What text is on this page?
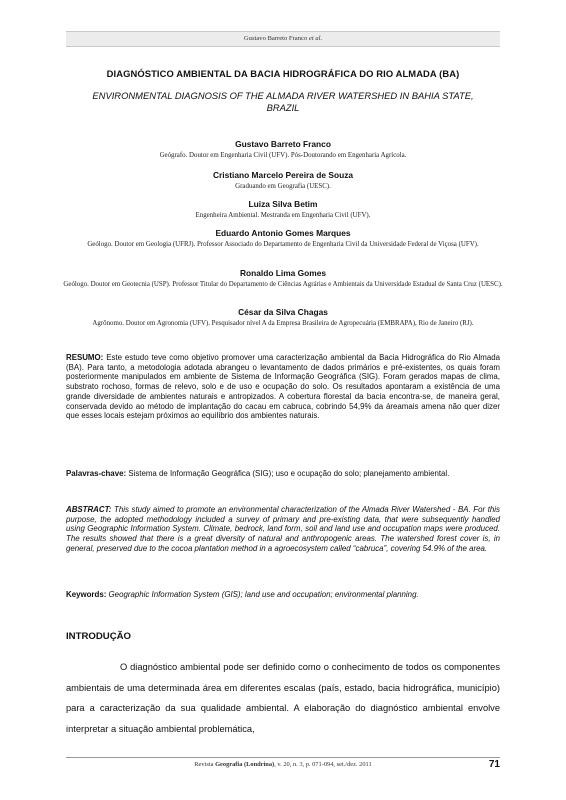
Gustavo Barreto Franco et al.
DIAGNÓSTICO AMBIENTAL DA BACIA HIDROGRÁFICA DO RIO ALMADA (BA)
ENVIRONMENTAL DIAGNOSIS OF THE ALMADA RIVER WATERSHED IN BAHIA STATE, BRAZIL
Gustavo Barreto Franco
Geógrafo. Doutor em Engenharia Civil (UFV). Pós-Doutorando em Engenharia Agrícola.
Cristiano Marcelo Pereira de Souza
Graduando em Geografia (UESC).
Luiza Silva Betim
Engenheira Ambiental. Mestranda em Engenharia Civil (UFV).
Eduardo Antonio Gomes Marques
Geólogo. Doutor em Geologia (UFRJ). Professor Associado do Departamento de Engenharia Civil da Universidade Federal de Viçosa (UFV).
Ronaldo Lima Gomes
Geólogo. Doutor em Geotecnia (USP). Professor Titular do Departamento de Ciências Agrárias e Ambientais da Universidade Estadual de Santa Cruz (UESC).
César da Silva Chagas
Agrônomo. Doutor em Agronomia (UFV). Pesquisador nível A da Empresa Brasileira de Agropecuária (EMBRAPA), Rio de Janeiro (RJ).
RESUMO: Este estudo teve como objetivo promover uma caracterização ambiental da Bacia Hidrográfica do Rio Almada (BA). Para tanto, a metodologia adotada abrangeu o levantamento de dados primários e pré-existentes, os quais foram posteriormente manipulados em ambiente de Sistema de Informação Geográfica (SIG). Foram gerados mapas de clima, substrato rochoso, formas de relevo, solo e de uso e ocupação do solo. Os resultados apontaram a existência de uma grande diversidade de ambientes naturais e antropizados. A cobertura florestal da bacia encontra-se, de maneira geral, conservada devido ao método de implantação do cacau em cabruca, cobrindo 54,9% da áreamais amena não quer dizer que esses locais estejam próximos ao equilíbrio dos ambientes naturais.
Palavras-chave: Sistema de Informação Geográfica (SIG); uso e ocupação do solo; planejamento ambiental.
ABSTRACT: This study aimed to promote an environmental characterization of the Almada River Watershed - BA. For this purpose, the adopted methodology included a survey of primary and pre-existing data, that were subsequently handled using Geographic Information System. Climate, bedrock, land form, soil and land use and occupation maps were produced. The results showed that there is a great diversity of natural and anthropogenic areas. The watershed forest cover is, in general, preserved due to the cocoa plantation method in a agroecosystem called “cabruca”, covering 54.9% of the area.
Keywords: Geographic Information System (GIS); land use and occupation; environmental planning.
INTRODUÇÃO
O diagnóstico ambiental pode ser definido como o conhecimento de todos os componentes ambientais de uma determinada área em diferentes escalas (país, estado, bacia hidrográfica, município) para a caracterização da sua qualidade ambiental. A elaboração do diagnóstico ambiental envolve interpretar a situação ambiental problemática,
Revista Geografia (Londrina), v. 20, n. 3, p. 071-094, set./dez. 2011	71
